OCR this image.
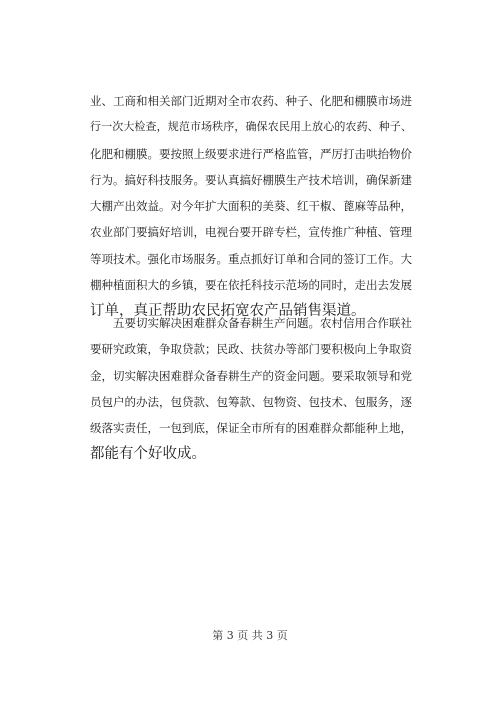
业、工商和相关部门近期对全市农药、种子、化肥和棚膜市场进
行一次大检查，规范市场秩序，确保农民用上放心的农药、种子、
化肥和棚膜。要按照上级要求进行严格监管，严厉打击哄抬物价
行为。搞好科技服务。要认真搞好棚膜生产技术培训，确保新建
大棚产出效益。对今年扩大面积的美葵、红干椒、蓖麻等品种，
农业部门要搞好培训，电视台要开辟专栏，宣传推广种植、管理
等项技术。强化市场服务。重点抓好订单和合同的签订工作。大
棚种植面积大的乡镇，要在依托科技示范场的同时，走出去发展
订单，真正帮助农民拓宽农产品销售渠道。
　　五要切实解决困难群众备春耕生产问题。农村信用合作联社
要研究政策，争取贷款；民政、扶贫办等部门要积极向上争取资
金，切实解决困难群众备春耕生产的资金问题。要采取领导和党
员包户的办法，包贷款、包筹款、包物资、包技术、包服务，逐
级落实责任，一包到底，保证全市所有的困难群众都能种上地，
都能有个好收成。
第 3 页 共 3 页
